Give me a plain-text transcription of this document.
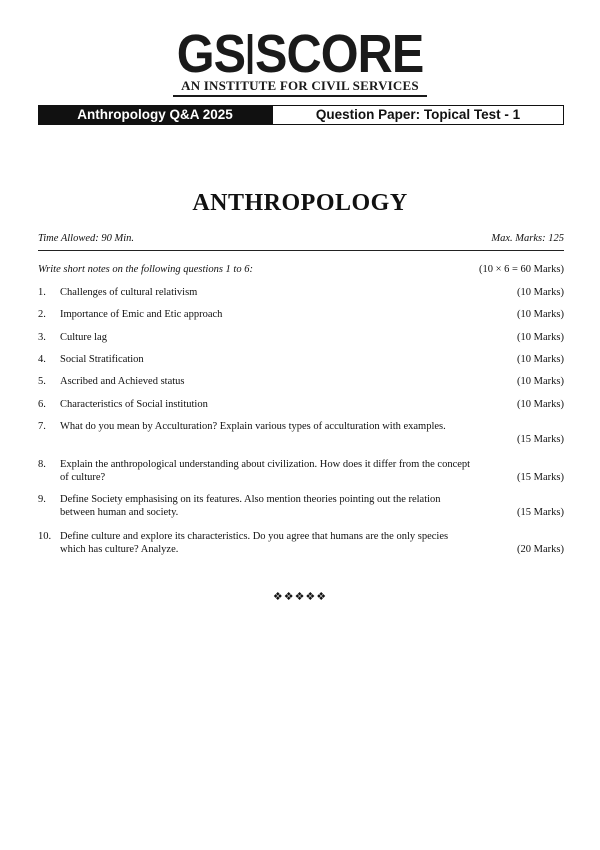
GS SCORE
AN INSTITUTE FOR CIVIL SERVICES
Anthropology Q&A 2025	Question Paper: Topical Test - 1
ANTHROPOLOGY
Time Allowed: 90 Min.	Max. Marks: 125
Write short notes on the following questions 1 to 6:	(10 × 6 = 60 Marks)
1.	Challenges of cultural relativism	(10 Marks)
2.	Importance of Emic and Etic approach	(10 Marks)
3.	Culture lag	(10 Marks)
4.	Social Stratification	(10 Marks)
5.	Ascribed and Achieved status	(10 Marks)
6.	Characteristics of Social institution	(10 Marks)
7.	What do you mean by Acculturation? Explain various types of acculturation with examples.
(15 Marks)
8.	Explain the anthropological understanding about civilization. How does it differ from the concept
of culture?	(15 Marks)
9.	Define Society emphasising on its features. Also mention theories pointing out the relation
between human and society.	(15 Marks)
10. Define culture and explore its characteristics. Do you agree that humans are the only species
which has culture? Analyze.	(20 Marks)
❖❖❖❖❖
